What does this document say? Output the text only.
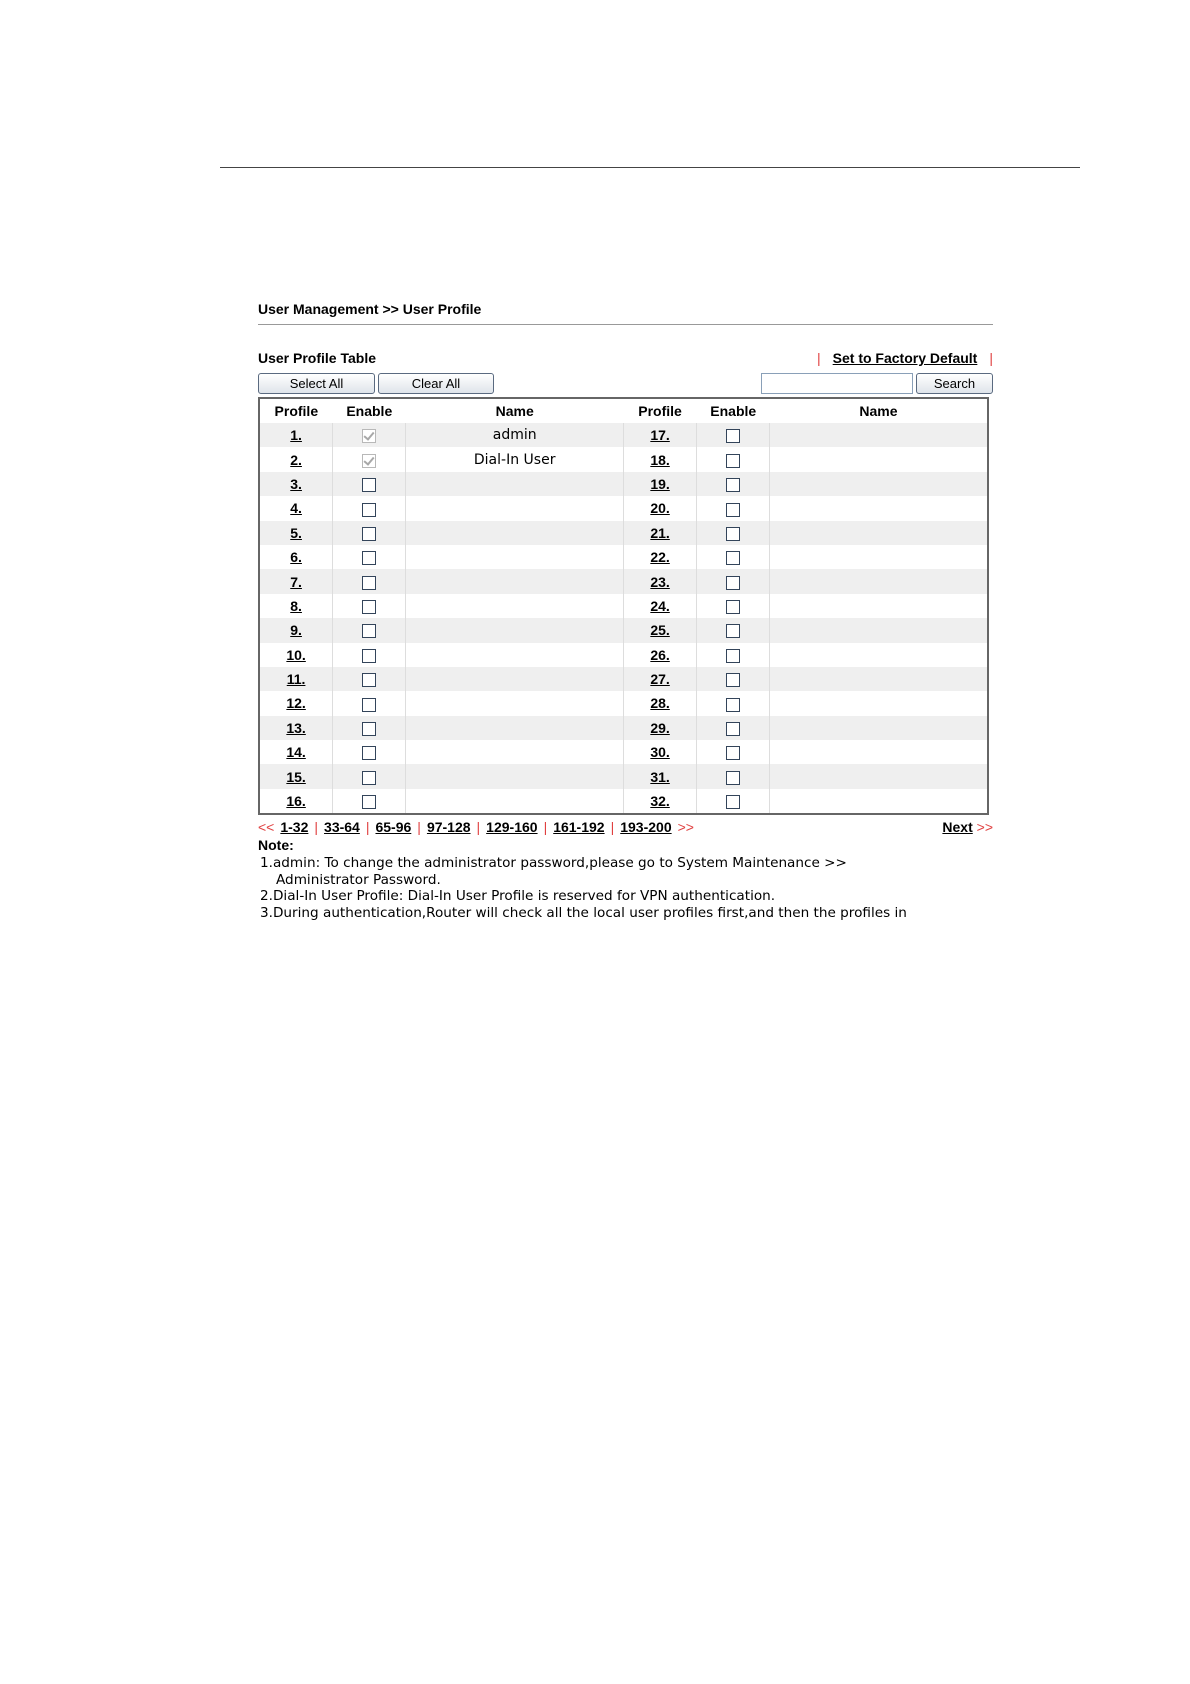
User Management >> User Profile
User Profile Table	| Set to Factory Default |
Select All	Clear All	Search
Profile	Enable	Name	Profile	Enable	Name
1.		admin	17.		
2.		Dial-In User	18.		
3.			19.		
4.			20.		
5.			21.		
6.			22.		
7.			23.		
8.			24.		
9.			25.		
10.			26.		
11.			27.		
12.			28.		
13.			29.		
14.			30.		
15.			31.		
16.			32.		
<< 1-32 | 33-64 | 65-96 | 97-128 | 129-160 | 161-192 | 193-200 >>	Next >>
Note:
1.admin: To change the administrator password,please go to System Maintenance >>
Administrator Password.
2.Dial-In User Profile: Dial-In User Profile is reserved for VPN authentication.
3.During authentication,Router will check all the local user profiles first,and then the profiles in
